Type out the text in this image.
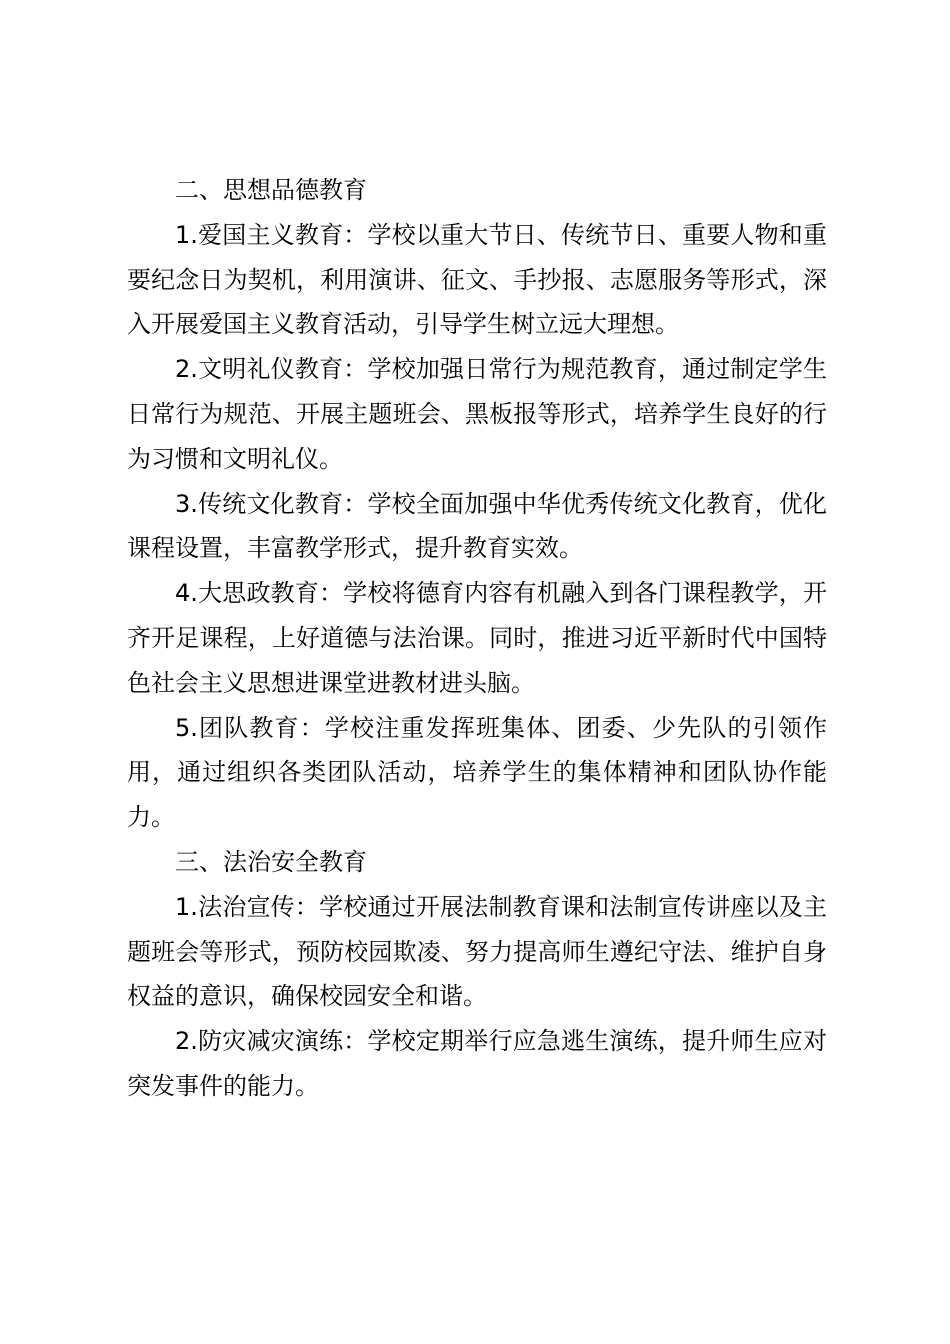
二、思想品德教育

1.爱国主义教育：学校以重大节日、传统节日、重要人物和重要纪念日为契机，利用演讲、征文、手抄报、志愿服务等形式，深入开展爱国主义教育活动，引导学生树立远大理想。

2.文明礼仪教育：学校加强日常行为规范教育，通过制定学生日常行为规范、开展主题班会、黑板报等形式，培养学生良好的行为习惯和文明礼仪。

3.传统文化教育：学校全面加强中华优秀传统文化教育，优化课程设置，丰富教学形式，提升教育实效。

4.大思政教育：学校将德育内容有机融入到各门课程教学，开齐开足课程，上好道德与法治课。同时，推进习近平新时代中国特色社会主义思想进课堂进教材进头脑。

5.团队教育：学校注重发挥班集体、团委、少先队的引领作用，通过组织各类团队活动，培养学生的集体精神和团队协作能力。

三、法治安全教育

1.法治宣传：学校通过开展法制教育课和法制宣传讲座以及主题班会等形式，预防校园欺凌、努力提高师生遵纪守法、维护自身权益的意识，确保校园安全和谐。

2.防灾减灾演练：学校定期举行应急逃生演练，提升师生应对突发事件的能力。
